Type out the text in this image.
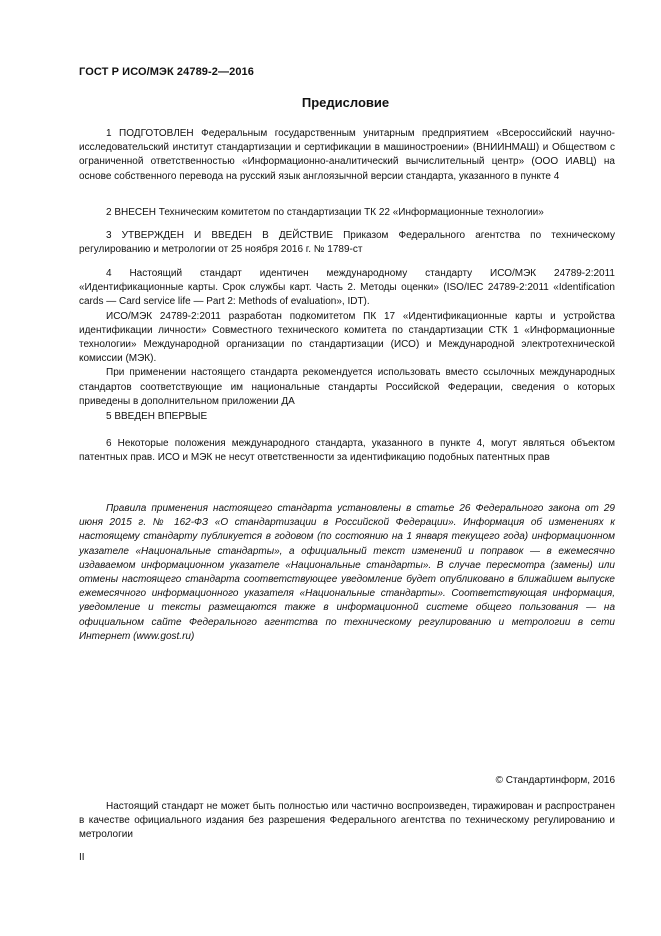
ГОСТ Р ИСО/МЭК 24789-2—2016
Предисловие

1 ПОДГОТОВЛЕН Федеральным государственным унитарным предприятием «Всероссийский научно-исследовательский институт стандартизации и сертификации в машиностроении» (ВНИИНМАШ) и Обществом с ограниченной ответственностью «Информационно-аналитический вычислительный центр» (ООО ИАВЦ) на основе собственного перевода на русский язык англоязычной версии стандарта, указанного в пункте 4

2 ВНЕСЕН Техническим комитетом по стандартизации ТК 22 «Информационные технологии»

3 УТВЕРЖДЕН И ВВЕДЕН В ДЕЙСТВИЕ Приказом Федерального агентства по техническому регулированию и метрологии от 25 ноября 2016 г. № 1789-ст

4 Настоящий стандарт идентичен международному стандарту ИСО/МЭК 24789-2:2011 «Идентификационные карты. Срок службы карт. Часть 2. Методы оценки» (ISO/IEC 24789-2:2011 «Identification cards — Card service life — Part 2: Methods of evaluation», IDT).

ИСО/МЭК 24789-2:2011 разработан подкомитетом ПК 17 «Идентификационные карты и устройства идентификации личности» Совместного технического комитета по стандартизации СТК 1 «Информационные технологии» Международной организации по стандартизации (ИСО) и Международной электротехнической комиссии (МЭК).

При применении настоящего стандарта рекомендуется использовать вместо ссылочных международных стандартов соответствующие им национальные стандарты Российской Федерации, сведения о которых приведены в дополнительном приложении ДА

5 ВВЕДЕН ВПЕРВЫЕ

6 Некоторые положения международного стандарта, указанного в пункте 4, могут являться объектом патентных прав. ИСО и МЭК не несут ответственности за идентификацию подобных патентных прав

Правила применения настоящего стандарта установлены в статье 26 Федерального закона от 29 июня 2015 г. № 162-ФЗ «О стандартизации в Российской Федерации». Информация об изменениях к настоящему стандарту публикуется в годовом (по состоянию на 1 января текущего года) информационном указателе «Национальные стандарты», а официальный текст изменений и поправок — в ежемесячно издаваемом информационном указателе «Национальные стандарты». В случае пересмотра (замены) или отмены настоящего стандарта соответствующее уведомление будет опубликовано в ближайшем выпуске ежемесячного информационного указателя «Национальные стандарты». Соответствующая информация, уведомление и тексты размещаются также в информационной системе общего пользования — на официальном сайте Федерального агентства по техническому регулированию и метрологии в сети Интернет (www.gost.ru)

© Стандартинформ, 2016

Настоящий стандарт не может быть полностью или частично воспроизведен, тиражирован и распространен в качестве официального издания без разрешения Федерального агентства по техническому регулированию и метрологии

II
